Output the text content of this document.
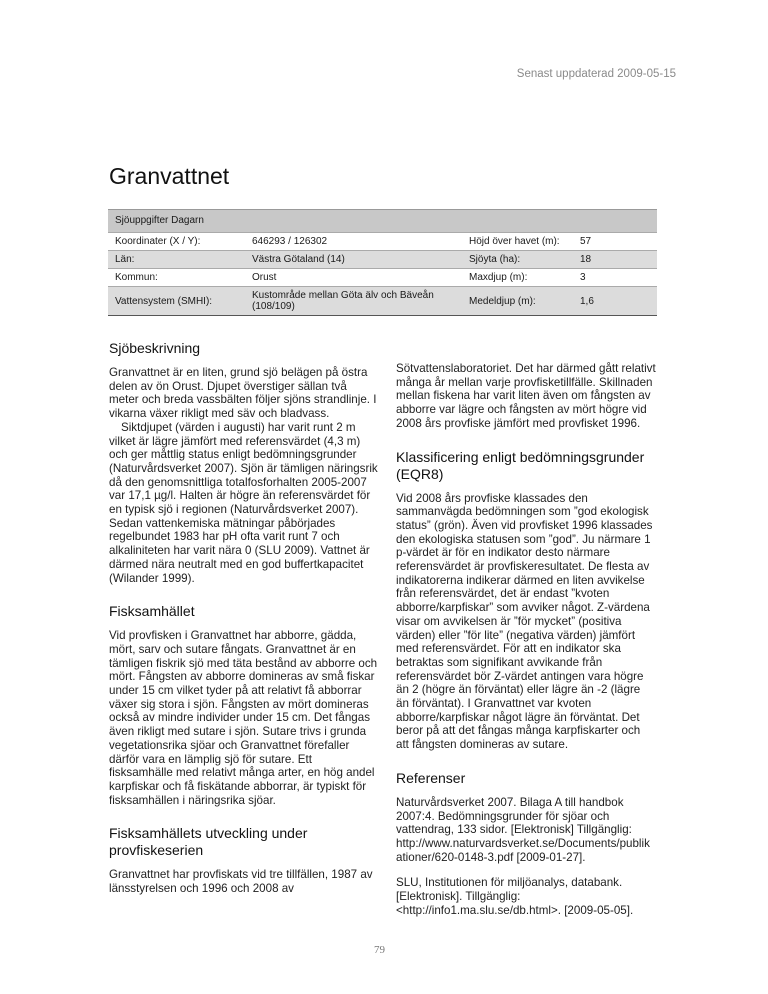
Senast uppdaterad 2009-05-15
Granvattnet
Sjöuppgifter Dagarn
Koordinater (X / Y):	646293 / 126302	Höjd över havet (m):	57
Län:	Västra Götaland (14)	Sjöyta (ha):	18
Kommun:	Orust	Maxdjup (m):	3
Vattensystem (SMHI):	Kustområde mellan Göta älv och Bäveån (108/109)	Medeldjup (m):	1,6
Sjöbeskrivning

Granvattnet är en liten, grund sjö belägen på östra delen av ön Orust. Djupet överstiger sällan två meter och breda vassbälten följer sjöns strandlinje. I vikarna växer rikligt med säv och bladvass.

Siktdjupet (värden i augusti) har varit runt 2 m vilket är lägre jämfört med referensvärdet (4,3 m) och ger måttlig status enligt bedömningsgrunder (Naturvårdsverket 2007). Sjön är tämligen näringsrik då den genomsnittliga totalfosforhalten 2005-2007 var 17,1 µg/l. Halten är högre än referensvärdet för en typisk sjö i regionen (Naturvårdsverket 2007). Sedan vattenkemiska mätningar påbörjades regelbundet 1983 har pH ofta varit runt 7 och alkaliniteten har varit nära 0 (SLU 2009). Vattnet är därmed nära neutralt med en god buffertkapacitet (Wilander 1999).

Fisksamhället

Vid provfisken i Granvattnet har abborre, gädda, mört, sarv och sutare fångats. Granvattnet är en tämligen fiskrik sjö med täta bestånd av abborre och mört. Fångsten av abborre domineras av små fiskar under 15 cm vilket tyder på att relativt få abborrar växer sig stora i sjön. Fångsten av mört domineras också av mindre individer under 15 cm. Det fångas även rikligt med sutare i sjön. Sutare trivs i grunda vegetationsrika sjöar och Granvattnet förefaller därför vara en lämplig sjö för sutare. Ett fisksamhälle med relativt många arter, en hög andel karpfiskar och få fiskätande abborrar, är typiskt för fisksamhällen i näringsrika sjöar.

Fisksamhällets utveckling under provfiskeserien

Granvattnet har provfiskats vid tre tillfällen, 1987 av länsstyrelsen och 1996 och 2008 av

Sötvattenslaboratoriet. Det har därmed gått relativt många år mellan varje provfisketillfälle. Skillnaden mellan fiskena har varit liten även om fångsten av abborre var lägre och fångsten av mört högre vid 2008 års provfiske jämfört med provfisket 1996.

Klassificering enligt bedömningsgrunder (EQR8)

Vid 2008 års provfiske klassades den sammanvägda bedömningen som ”god ekologisk status” (grön). Även vid provfisket 1996 klassades den ekologiska statusen som ”god”. Ju närmare 1 p-värdet är för en indikator desto närmare referensvärdet är provfiskeresultatet. De flesta av indikatorerna indikerar därmed en liten avvikelse från referensvärdet, det är endast ”kvoten abborre/karpfiskar” som avviker något. Z-värdena visar om avvikelsen är ”för mycket” (positiva värden) eller ”för lite” (negativa värden) jämfört med referensvärdet. För att en indikator ska betraktas som signifikant avvikande från referensvärdet bör Z-värdet antingen vara högre än 2 (högre än förväntat) eller lägre än -2 (lägre än förväntat). I Granvattnet var kvoten abborre/karpfiskar något lägre än förväntat. Det beror på att det fångas många karpfiskarter och att fångsten domineras av sutare.

Referenser

Naturvårdsverket 2007. Bilaga A till handbok 2007:4. Bedömningsgrunder för sjöar och vattendrag, 133 sidor. [Elektronisk] Tillgänglig: http://www.naturvardsverket.se/Documents/publikationer/620-0148-3.pdf [2009-01-27].

SLU, Institutionen för miljöanalys, databank. [Elektronisk]. Tillgänglig: <http://info1.ma.slu.se/db.html>. [2009-05-05].

79
